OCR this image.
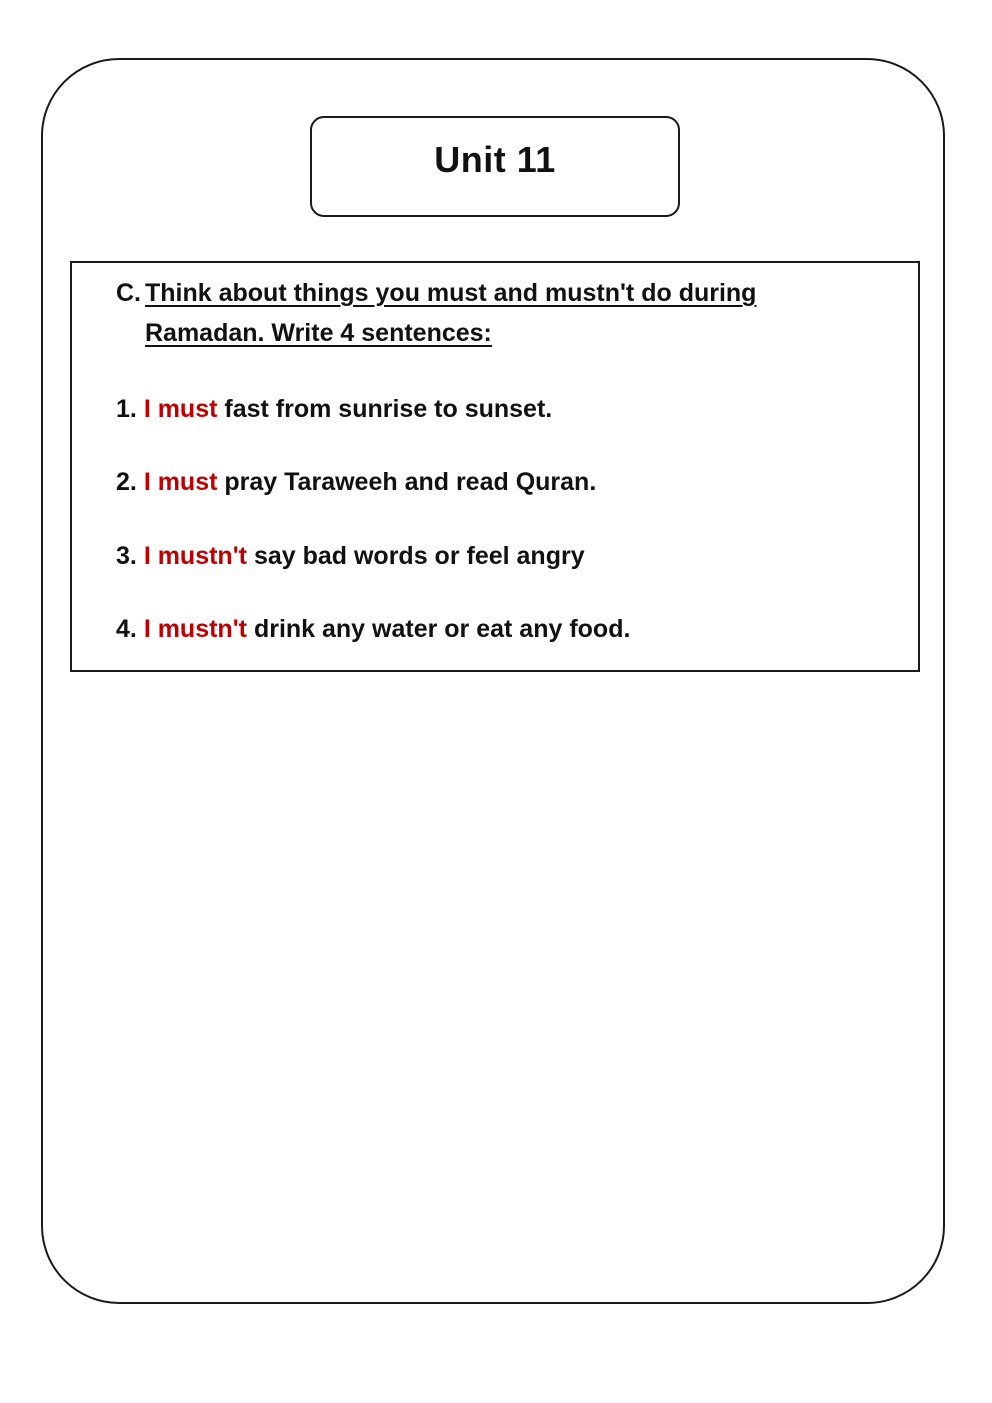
Unit 11
C. Think about things you must and mustn't do during Ramadan. Write 4 sentences:
1. I must fast from sunrise to sunset.
2. I must pray Taraweeh and read Quran.
3. I mustn't say bad words or feel angry
4. I mustn't drink any water or eat any food.
